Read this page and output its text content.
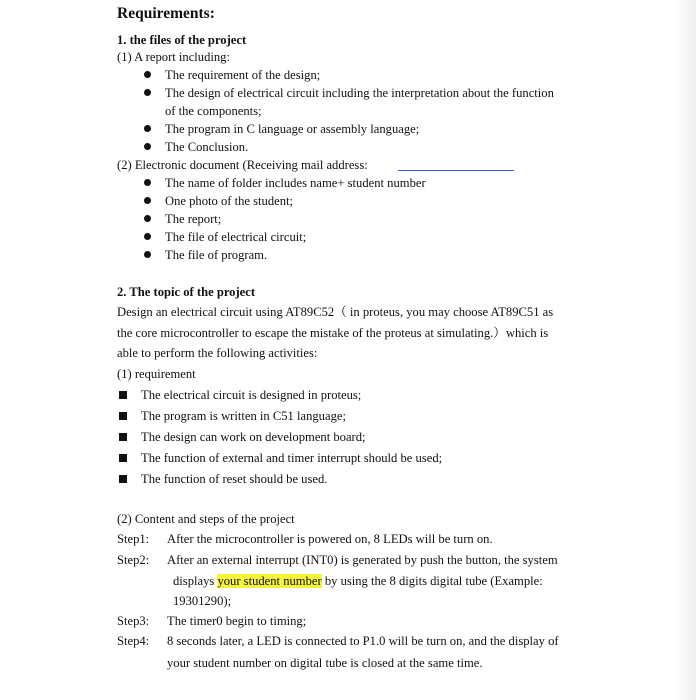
Requirements:
1. the files of the project
(1) A report including:
The requirement of the design;
The design of electrical circuit including the interpretation about the function
of the components;
The program in C language or assembly language;
The Conclusion.
(2) Electronic document (Receiving mail address:
The name of folder includes name+ student number
One photo of the student;
The report;
The file of electrical circuit;
The file of program.
2. The topic of the project
Design an electrical circuit using AT89C52（ in proteus, you may choose AT89C51 as
the core microcontroller to escape the mistake of the proteus at simulating.）which is
able to perform the following activities:
(1) requirement
The electrical circuit is designed in proteus;
The program is written in C51 language;
The design can work on development board;
The function of external and timer interrupt should be used;
The function of reset should be used.
(2) Content and steps of the project
Step1: After the microcontroller is powered on, 8 LEDs will be turn on.
Step2: After an external interrupt (INT0) is generated by push the button, the system
displays your student number by using the 8 digits digital tube (Example:
19301290);
Step3: The timer0 begin to timing;
Step4: 8 seconds later, a LED is connected to P1.0 will be turn on, and the display of
your student number on digital tube is closed at the same time.
